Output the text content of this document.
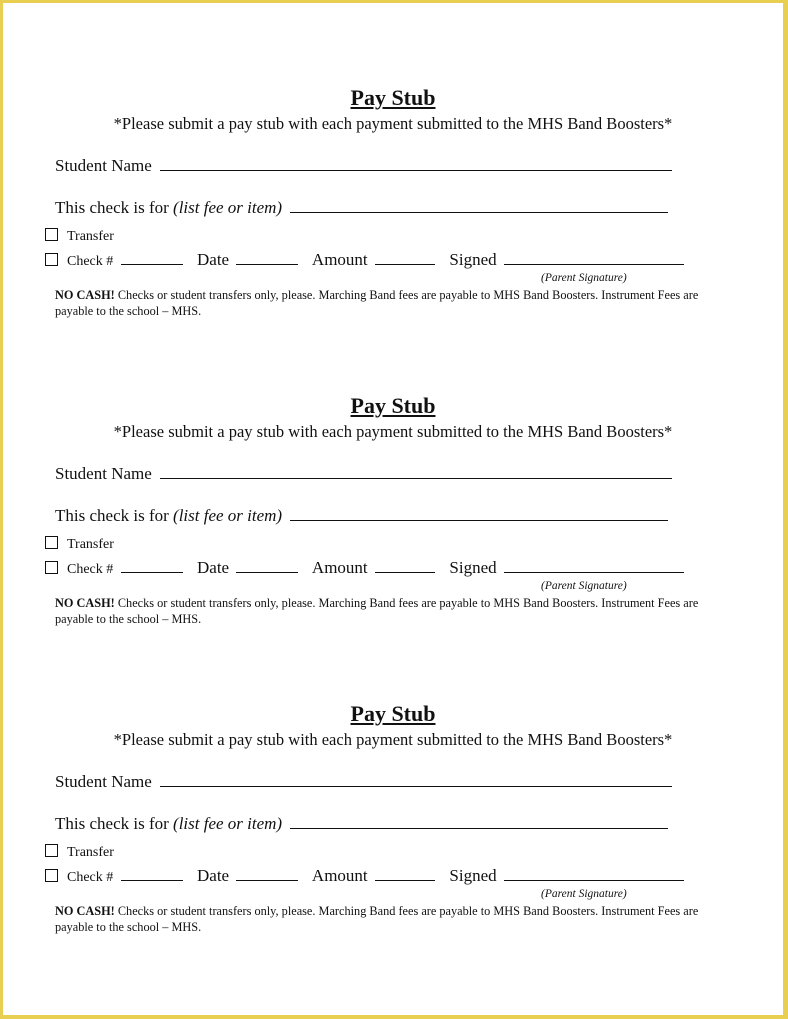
Pay Stub
*Please submit a pay stub with each payment submitted to the MHS Band Boosters*
Student Name
This check is for (list fee or item)
Transfer
Check #	Date	Amount	Signed
(Parent Signature)
NO CASH! Checks or student transfers only, please. Marching Band fees are payable to MHS Band Boosters. Instrument Fees are payable to the school – MHS.
Pay Stub
*Please submit a pay stub with each payment submitted to the MHS Band Boosters*
Student Name
This check is for (list fee or item)
Transfer
Check #	Date	Amount	Signed
(Parent Signature)
NO CASH! Checks or student transfers only, please. Marching Band fees are payable to MHS Band Boosters. Instrument Fees are payable to the school – MHS.
Pay Stub
*Please submit a pay stub with each payment submitted to the MHS Band Boosters*
Student Name
This check is for (list fee or item)
Transfer
Check #	Date	Amount	Signed
(Parent Signature)
NO CASH! Checks or student transfers only, please. Marching Band fees are payable to MHS Band Boosters. Instrument Fees are payable to the school – MHS.
